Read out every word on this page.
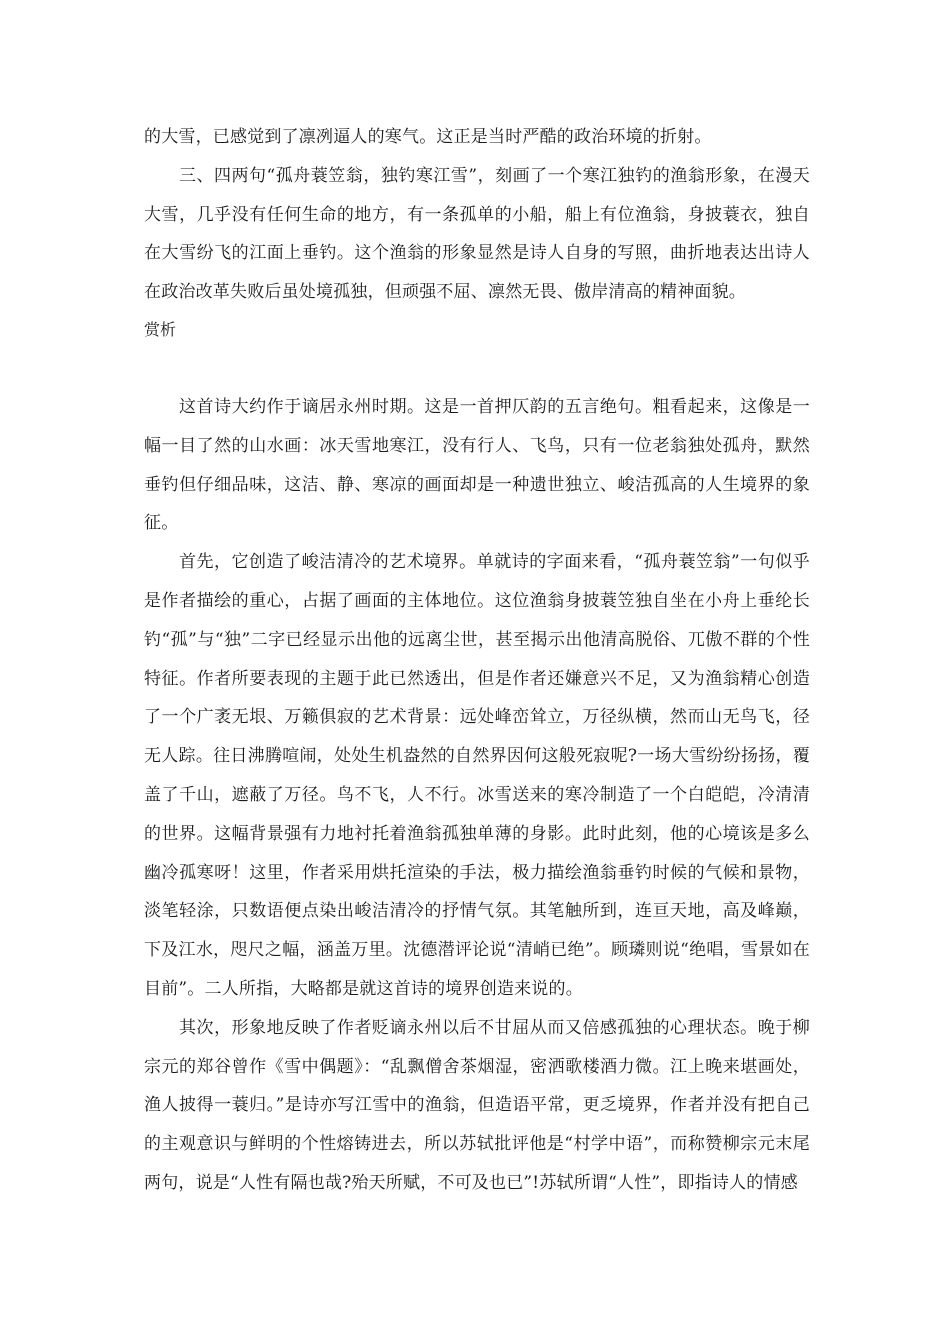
的大雪，已感觉到了凛冽逼人的寒气。这正是当时严酷的政治环境的折射。

三、四两句“孤舟蓑笠翁，独钓寒江雪”，刻画了一个寒江独钓的渔翁形象，在漫天大雪，几乎没有任何生命的地方，有一条孤单的小船，船上有位渔翁，身披蓑衣，独自在大雪纷飞的江面上垂钓。这个渔翁的形象显然是诗人自身的写照，曲折地表达出诗人在政治改革失败后虽处境孤独，但顽强不屈、凛然无畏、傲岸清高的精神面貌。

赏析

这首诗大约作于谪居永州时期。这是一首押仄韵的五言绝句。粗看起来，这像是一幅一目了然的山水画：冰天雪地寒江，没有行人、飞鸟，只有一位老翁独处孤舟，默然垂钓但仔细品味，这洁、静、寒凉的画面却是一种遗世独立、峻洁孤高的人生境界的象征。

首先，它创造了峻洁清冷的艺术境界。单就诗的字面来看，“孤舟蓑笠翁”一句似乎是作者描绘的重心，占据了画面的主体地位。这位渔翁身披蓑笠独自坐在小舟上垂纶长钓“孤”与“独”二字已经显示出他的远离尘世，甚至揭示出他清高脱俗、兀傲不群的个性特征。作者所要表现的主题于此已然透出，但是作者还嫌意兴不足，又为渔翁精心创造了一个广袤无垠、万籁俱寂的艺术背景：远处峰峦耸立，万径纵横，然而山无鸟飞，径无人踪。往日沸腾喧闹，处处生机盎然的自然界因何这般死寂呢?一场大雪纷纷扬扬，覆盖了千山，遮蔽了万径。鸟不飞，人不行。冰雪送来的寒冷制造了一个白皑皑，冷清清的世界。这幅背景强有力地衬托着渔翁孤独单薄的身影。此时此刻，他的心境该是多么幽冷孤寒呀！这里，作者采用烘托渲染的手法，极力描绘渔翁垂钓时候的气候和景物，淡笔轻涂，只数语便点染出峻洁清冷的抒情气氛。其笔触所到，连亘天地，高及峰巅，下及江水，咫尺之幅，涵盖万里。沈德潜评论说“清峭已绝”。顾璘则说“绝唱，雪景如在目前”。二人所指，大略都是就这首诗的境界创造来说的。

其次，形象地反映了作者贬谪永州以后不甘屈从而又倍感孤独的心理状态。晚于柳宗元的郑谷曾作《雪中偶题》：“乱飘僧舍茶烟湿，密洒歌楼酒力微。江上晚来堪画处，渔人披得一蓑归。”是诗亦写江雪中的渔翁，但造语平常，更乏境界，作者并没有把自己的主观意识与鲜明的个性熔铸进去，所以苏轼批评他是“村学中语”，而称赞柳宗元末尾两句，说是“人性有隔也哉?殆天所赋，不可及也已”!苏轼所谓“人性”，即指诗人的情感
